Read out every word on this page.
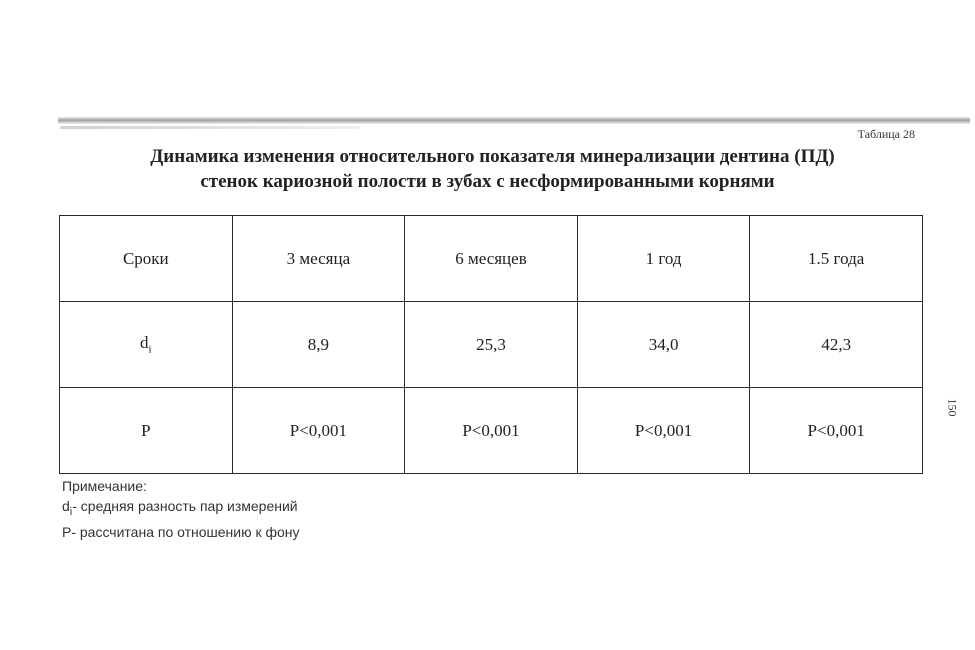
Таблица 28
Динамика изменения относительного показателя минерализации дентина (ПД)
стенок кариозной полости в зубах с несформированными корнями
Сроки	3 месяца	6 месяцев	1 год	1.5 года
$d_i$	8,9	25,3	34,0	42,3
P	P<0,001	P<0,001	P<0,001	P<0,001
Примечание:
$d_i-$ средняя разность пар измерений
P- рассчитана по отношению к фону
150
